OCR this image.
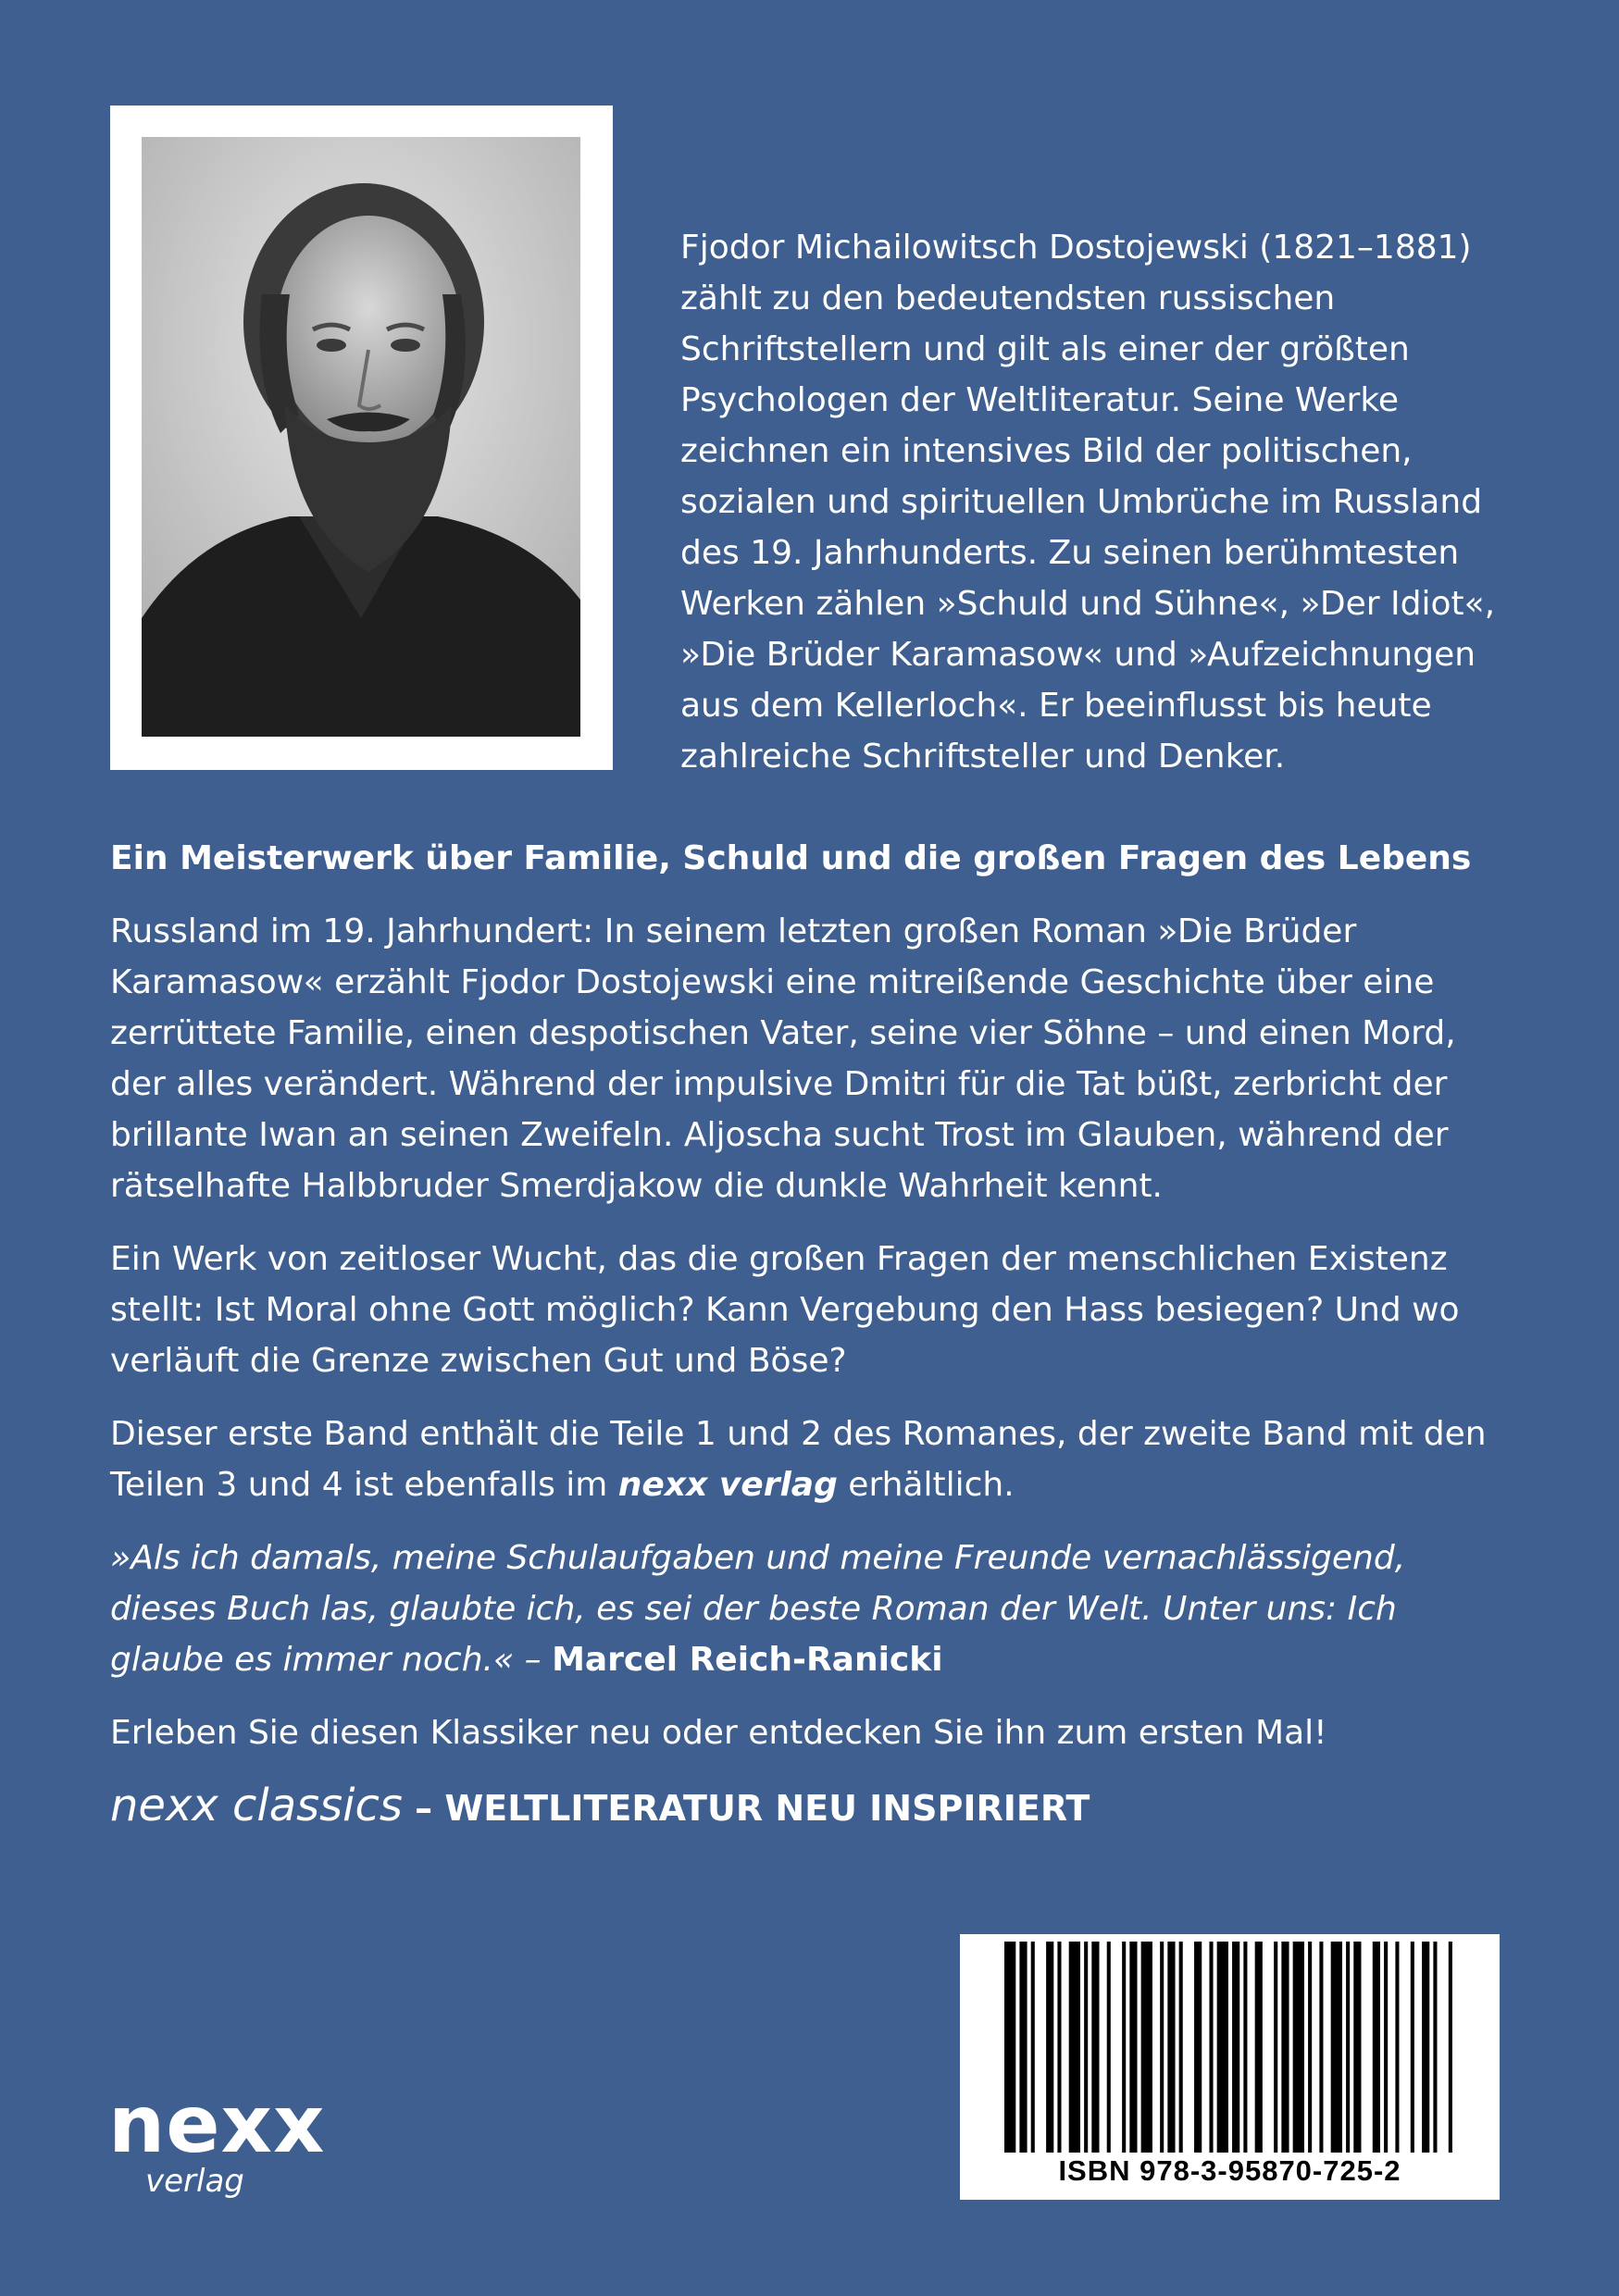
Fjodor Michailowitsch Dostojewski (1821–1881) zählt zu den bedeutendsten russischen Schriftstellern und gilt als einer der größten Psychologen der Weltliteratur. Seine Werke zeichnen ein intensives Bild der politischen, sozialen und spirituellen Umbrüche im Russland des 19. Jahrhunderts. Zu seinen berühmtesten Werken zählen »Schuld und Sühne«, »Der Idiot«, »Die Brüder Karamasow« und »Aufzeichnungen aus dem Kellerloch«. Er beeinflusst bis heute zahlreiche Schriftsteller und Denker.

Ein Meisterwerk über Familie, Schuld und die großen Fragen des Lebens

Russland im 19. Jahrhundert: In seinem letzten großen Roman »Die Brüder Karamasow« erzählt Fjodor Dostojewski eine mitreißende Geschichte über eine zerrüttete Familie, einen despotischen Vater, seine vier Söhne – und einen Mord, der alles verändert. Während der impulsive Dmitri für die Tat büßt, zerbricht der brillante Iwan an seinen Zweifeln. Aljoscha sucht Trost im Glauben, während der rätselhafte Halbbruder Smerdjakow die dunkle Wahrheit kennt.

Ein Werk von zeitloser Wucht, das die großen Fragen der menschlichen Existenz stellt: Ist Moral ohne Gott möglich? Kann Vergebung den Hass besiegen? Und wo verläuft die Grenze zwischen Gut und Böse?

Dieser erste Band enthält die Teile 1 und 2 des Romanes, der zweite Band mit den Teilen 3 und 4 ist ebenfalls im nexx verlag erhältlich.

»Als ich damals, meine Schulaufgaben und meine Freunde vernachlässigend, dieses Buch las, glaubte ich, es sei der beste Roman der Welt. Unter uns: Ich glaube es immer noch.« – Marcel Reich-Ranicki

Erleben Sie diesen Klassiker neu oder entdecken Sie ihn zum ersten Mal!

nexx classics – WELTLITERATUR NEU INSPIRIERT

nexx
verlag	ISBN 978-3-95870-725-2
